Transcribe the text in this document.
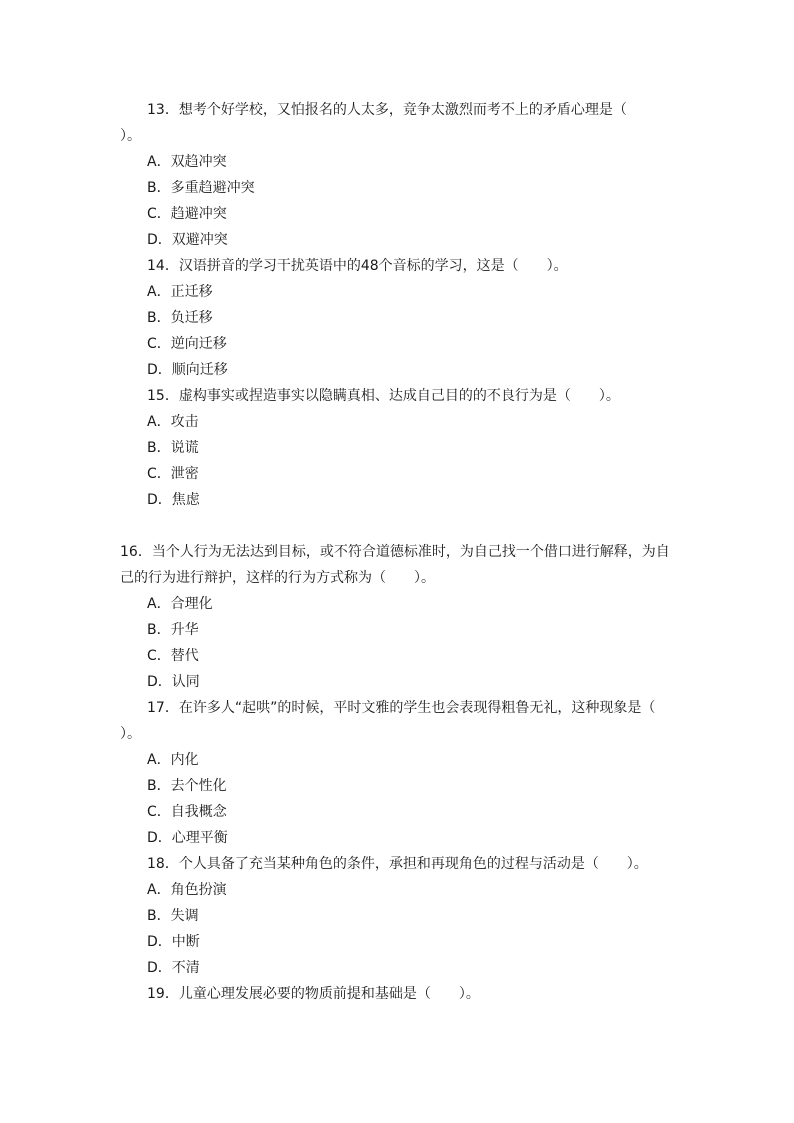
13．想考个好学校，又怕报名的人太多，竞争太激烈而考不上的矛盾心理是（
）。
A．双趋冲突
B．多重趋避冲突
C．趋避冲突
D．双避冲突
14．汉语拼音的学习干扰英语中的48个音标的学习，这是（　　）。
A．正迁移
B．负迁移
C．逆向迁移
D．顺向迁移
15．虚构事实或捏造事实以隐瞒真相、达成自己目的的不良行为是（　　）。
A．攻击
B．说谎
C．泄密
D．焦虑
16．当个人行为无法达到目标，或不符合道德标准时，为自己找一个借口进行解释，为自
己的行为进行辩护，这样的行为方式称为（　　）。
A．合理化
B．升华
C．替代
D．认同
17．在许多人“起哄”的时候，平时文雅的学生也会表现得粗鲁无礼，这种现象是（
）。
A．内化
B．去个性化
C．自我概念
D．心理平衡
18．个人具备了充当某种角色的条件，承担和再现角色的过程与活动是（　　）。
A．角色扮演
B．失调
D．中断
D．不清
19．儿童心理发展必要的物质前提和基础是（　　）。
